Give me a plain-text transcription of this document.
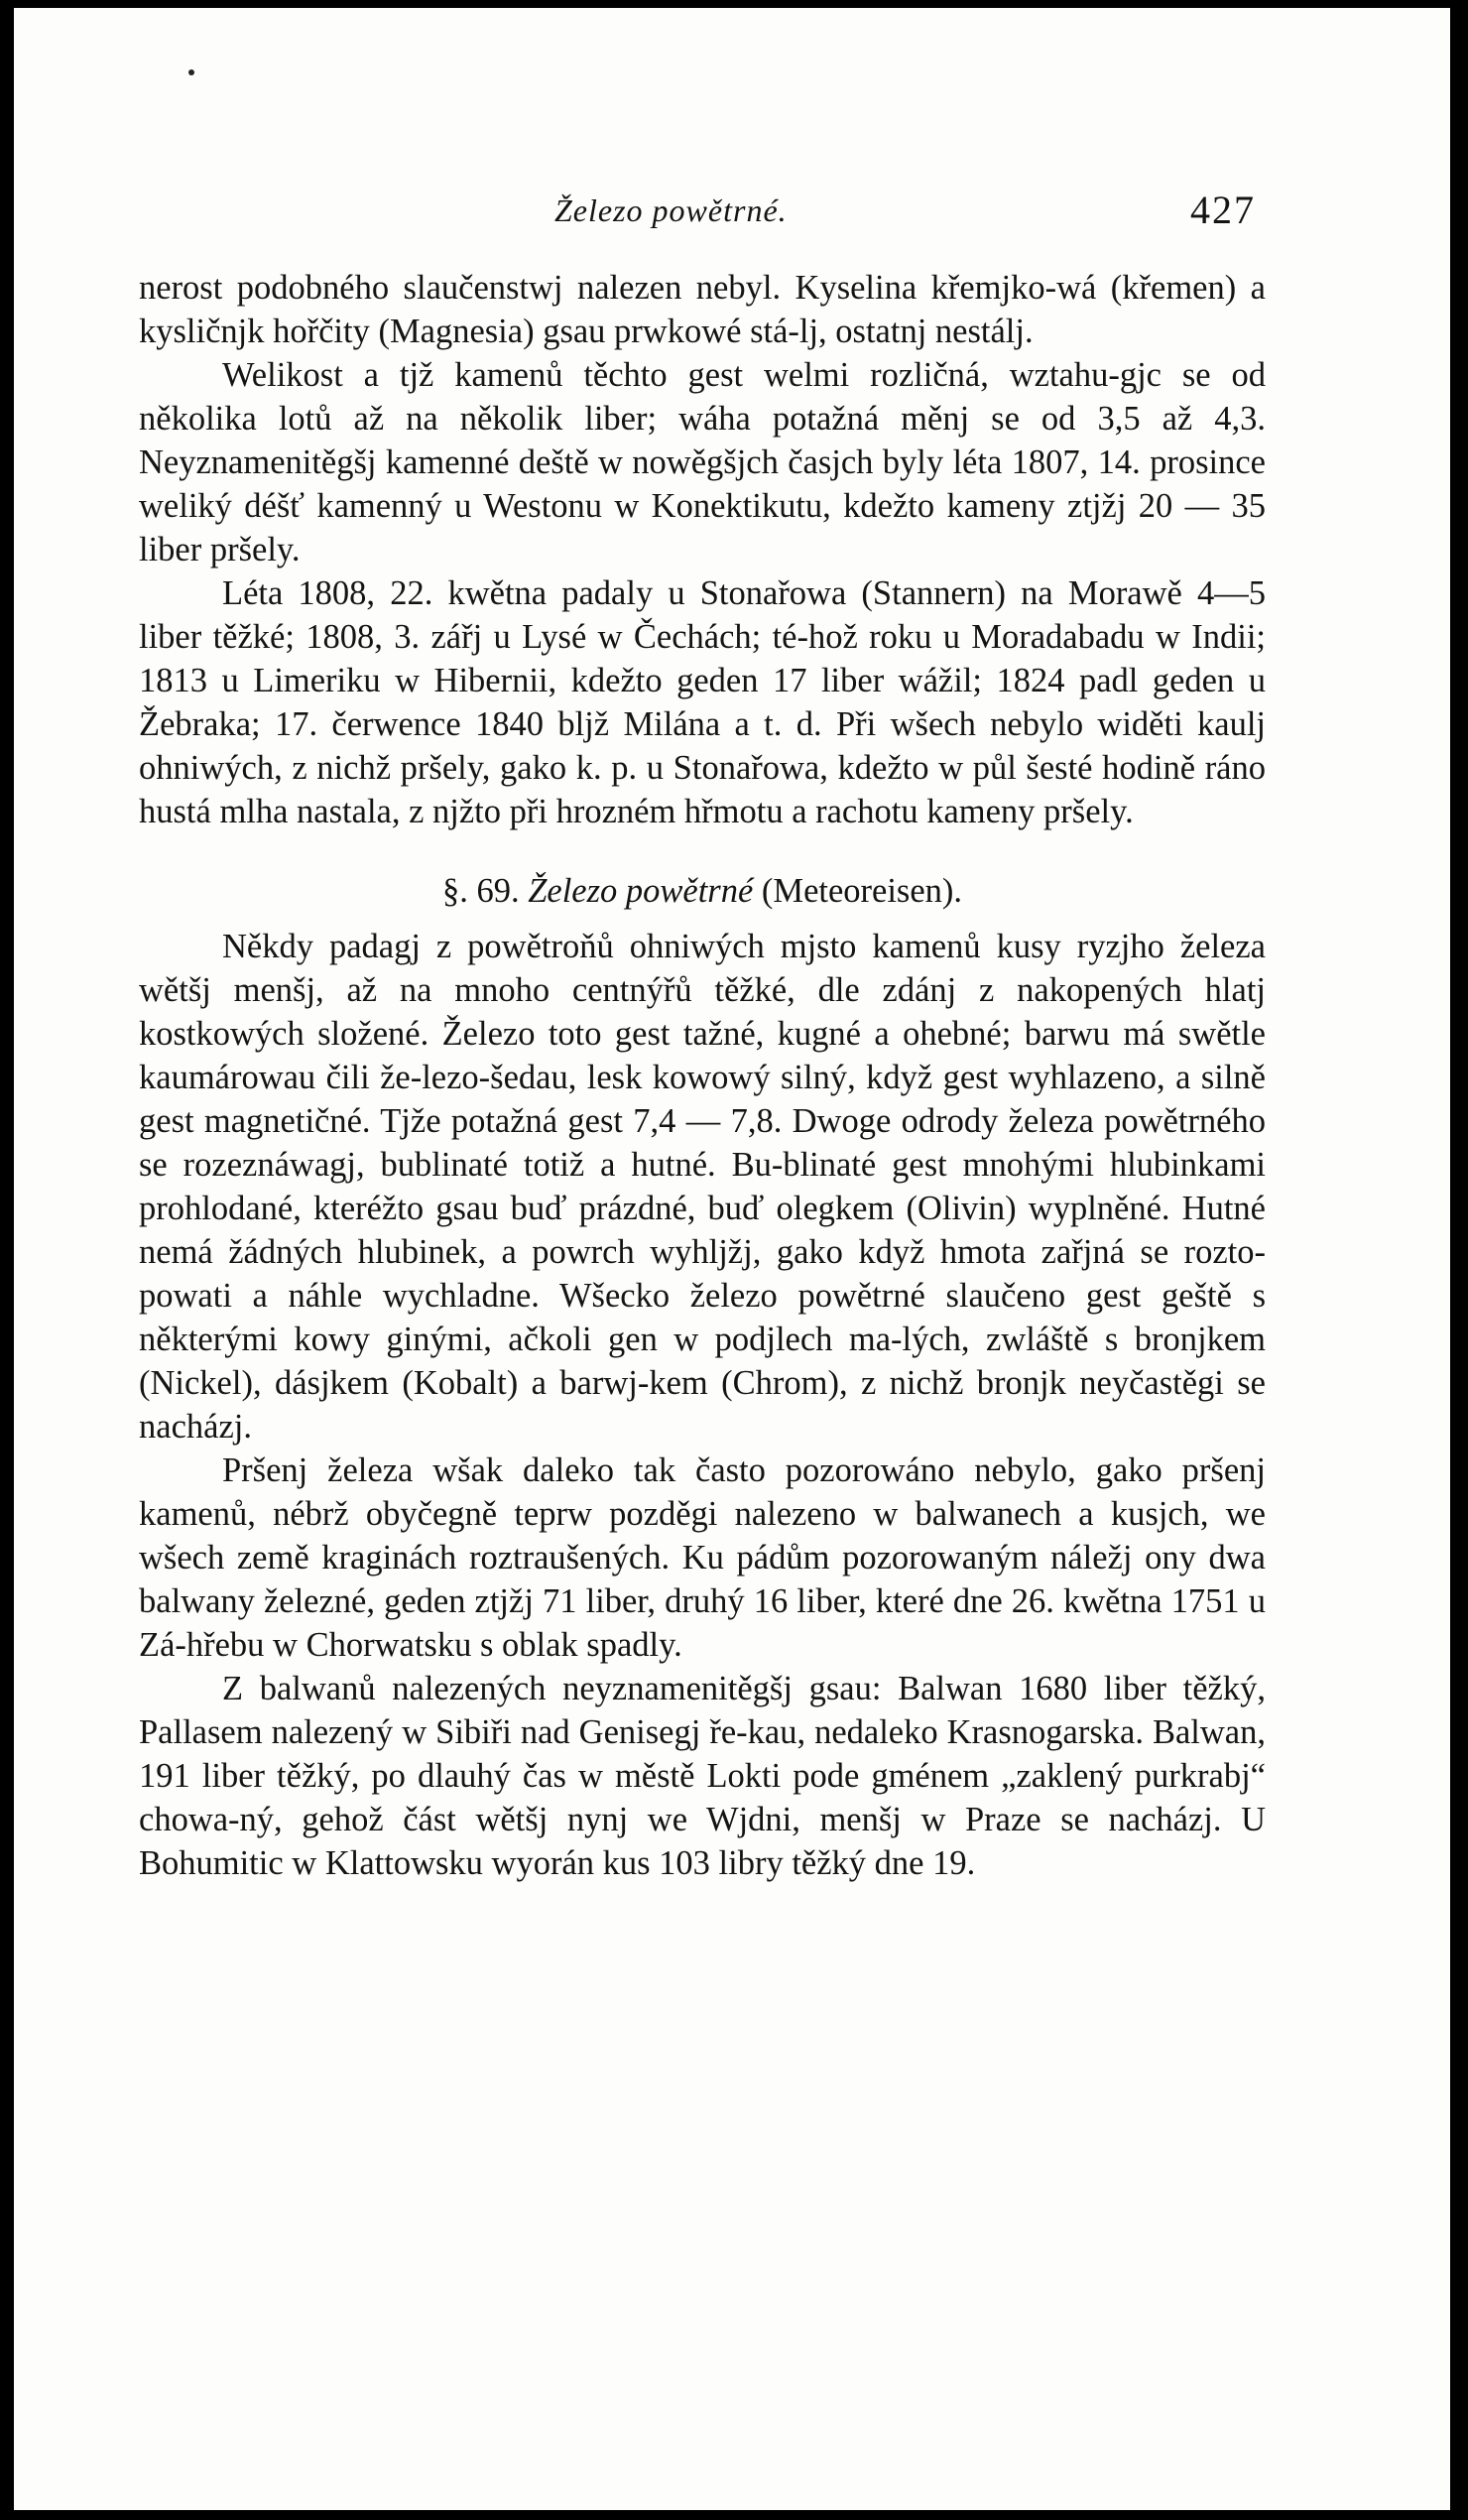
Železo powětrné.	427

nerost podobného slaučenstwj nalezen nebyl. Kyselina křemjko-wá (křemen) a kysličnjk hořčity (Magnesia) gsau prwkowé stá-lj, ostatnj nestálj.

Welikost a tjž kamenů těchto gest welmi rozličná, wztahu-gjc se od několika lotů až na několik liber; wáha potažná měnj se od 3,5 až 4,3. Neyznamenitěgšj kamenné deště w nowěgšjch časjch byly léta 1807, 14. prosince weliký déšť kamenný u Westonu w Konektikutu, kdežto kameny ztjžj 20 — 35 liber pršely.

Léta 1808, 22. kwětna padaly u Stonařowa (Stannern) na Morawě 4—5 liber těžké; 1808, 3. zářj u Lysé w Čechách; té-hož roku u Moradabadu w Indii; 1813 u Limeriku w Hibernii, kdežto geden 17 liber wážil; 1824 padl geden u Žebraka; 17. čerwence 1840 bljž Milána a t. d. Při wšech nebylo widěti kaulj ohniwých, z nichž pršely, gako k. p. u Stonařowa, kdežto w půl šesté hodině ráno hustá mlha nastala, z njžto při hrozném hřmotu a rachotu kameny pršely.

§. 69. Železo powětrné (Meteoreisen).

Někdy padagj z powětroňů ohniwých mjsto kamenů kusy ryzjho železa wětšj menšj, až na mnoho centnýřů těžké, dle zdánj z nakopených hlatj kostkowých složené. Železo toto gest tažné, kugné a ohebné; barwu má swětle kaumárowau čili že-lezo-šedau, lesk kowowý silný, když gest wyhlazeno, a silně gest magnetičné. Tjže potažná gest 7,4 — 7,8. Dwoge odrody železa powětrného se rozeznáwagj, bublinaté totiž a hutné. Bu-blinaté gest mnohými hlubinkami prohlodané, kteréžto gsau buď prázdné, buď olegkem (Olivin) wyplněné. Hutné nemá žádných hlubinek, a powrch wyhljžj, gako když hmota zařjná se rozto-powati a náhle wychladne. Wšecko železo powětrné slaučeno gest geště s některými kowy ginými, ačkoli gen w podjlech ma-lých, zwláště s bronjkem (Nickel), dásjkem (Kobalt) a barwj-kem (Chrom), z nichž bronjk neyčastěgi se nacházj.

Pršenj železa wšak daleko tak často pozorowáno nebylo, gako pršenj kamenů, nébrž obyčegně teprw pozděgi nalezeno w balwanech a kusjch, we wšech země kraginách roztraušených. Ku pádům pozorowaným náležj ony dwa balwany železné, geden ztjžj 71 liber, druhý 16 liber, které dne 26. kwětna 1751 u Zá-hřebu w Chorwatsku s oblak spadly.

Z balwanů nalezených neyznamenitěgšj gsau: Balwan 1680 liber těžký, Pallasem nalezený w Sibiři nad Genisegj ře-kau, nedaleko Krasnogarska. Balwan, 191 liber těžký, po dlauhý čas w městě Lokti pode gménem „zaklený purkrabj“ chowa-ný, gehož část wětšj nynj we Wjdni, menšj w Praze se nacházj. U Bohumitic w Klattowsku wyorán kus 103 libry těžký dne 19.
